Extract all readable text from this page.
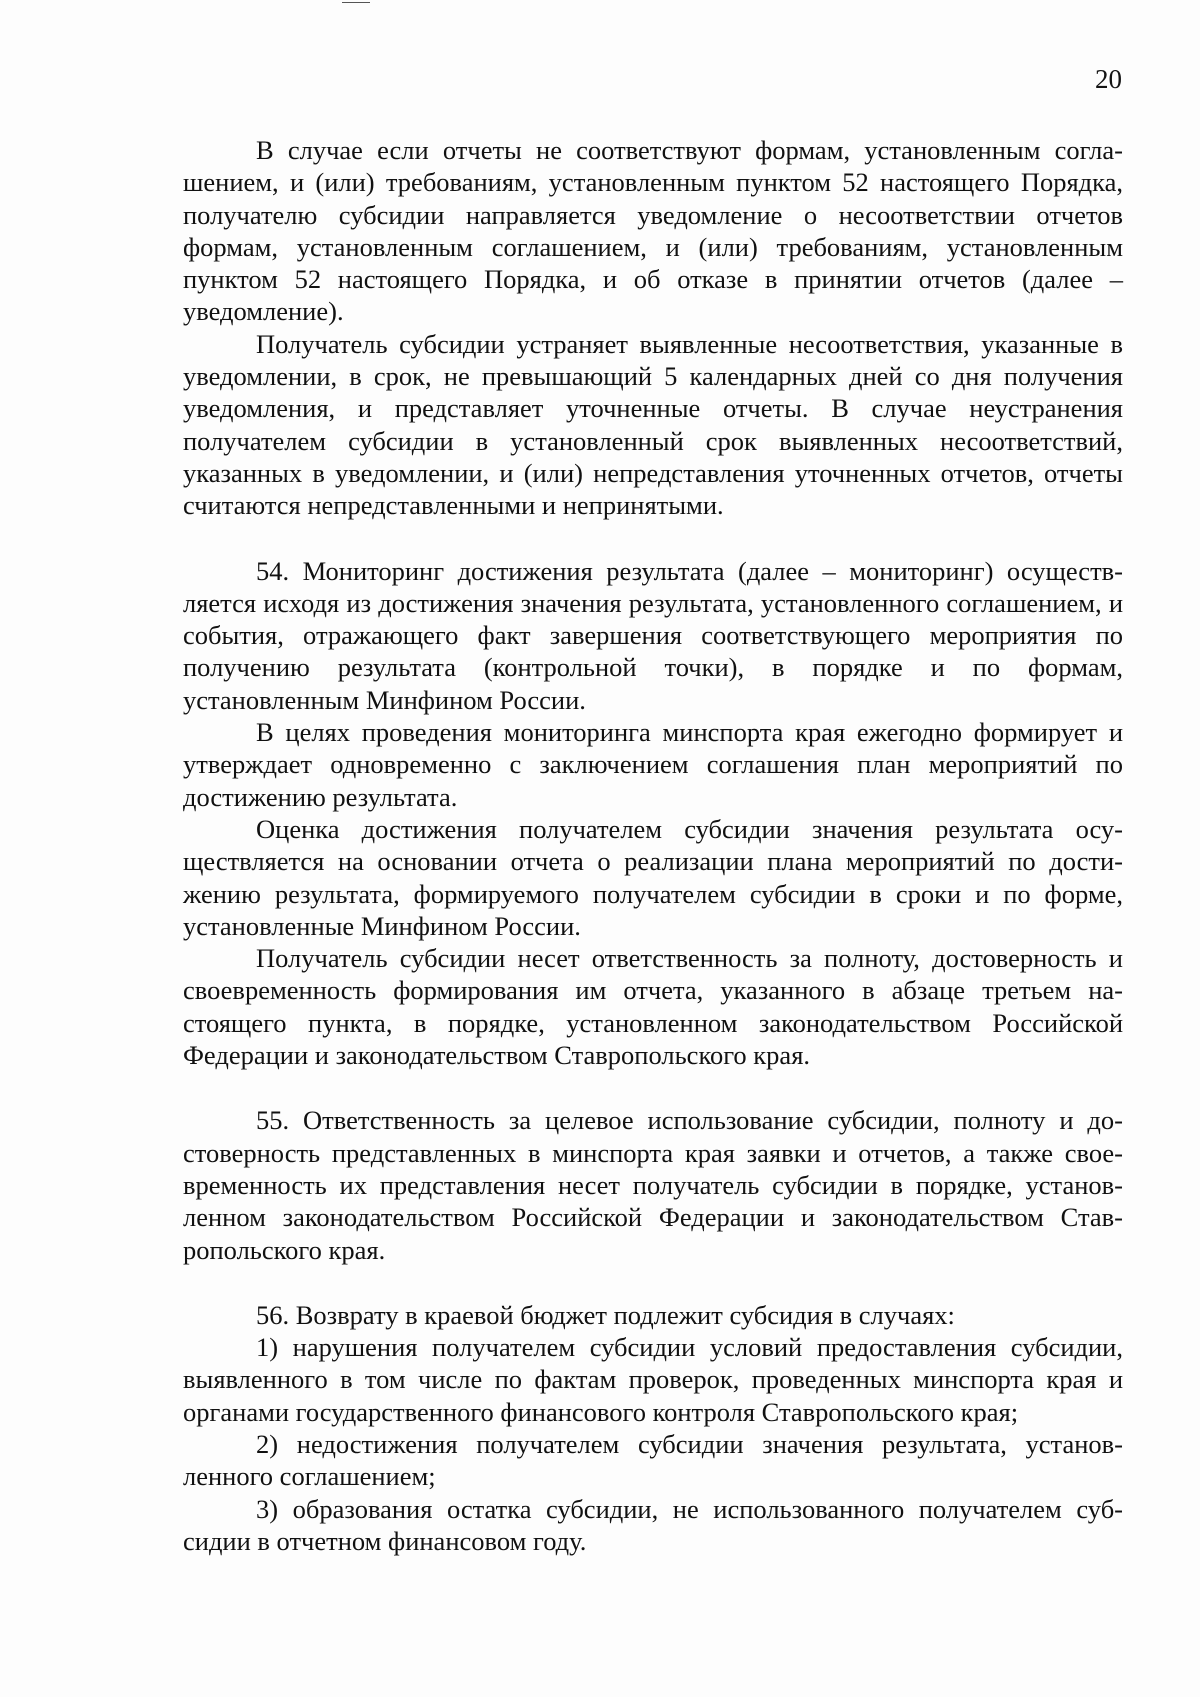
20

В случае если отчеты не соответствуют формам, установленным соглашением, и (или) требованиям, установленным пунктом 52 настоящего Порядка, получателю субсидии направляется уведомление о несоответствии отчетов формам, установленным соглашением, и (или) требованиям, установленным пунктом 52 настоящего Порядка, и об отказе в принятии отчетов (далее – уведомление).

Получатель субсидии устраняет выявленные несоответствия, указанные в уведомлении, в срок, не превышающий 5 календарных дней со дня получения уведомления, и представляет уточненные отчеты. В случае неустранения получателем субсидии в установленный срок выявленных несоответствий, указанных в уведомлении, и (или) непредставления уточненных отчетов, отчеты считаются непредставленными и непринятыми.

54. Мониторинг достижения результата (далее – мониторинг) осуществляется исходя из достижения значения результата, установленного соглашением, и события, отражающего факт завершения соответствующего мероприятия по получению результата (контрольной точки), в порядке и по формам, установленным Минфином России.

В целях проведения мониторинга минспорта края ежегодно формирует и утверждает одновременно с заключением соглашения план мероприятий по достижению результата.

Оценка достижения получателем субсидии значения результата осуществляется на основании отчета о реализации плана мероприятий по достижению результата, формируемого получателем субсидии в сроки и по форме, установленные Минфином России.

Получатель субсидии несет ответственность за полноту, достоверность и своевременность формирования им отчета, указанного в абзаце третьем настоящего пункта, в порядке, установленном законодательством Российской Федерации и законодательством Ставропольского края.

55. Ответственность за целевое использование субсидии, полноту и достоверность представленных в минспорта края заявки и отчетов, а также своевременность их представления несет получатель субсидии в порядке, установленном законодательством Российской Федерации и законодательством Ставропольского края.

56. Возврату в краевой бюджет подлежит субсидия в случаях:

1) нарушения получателем субсидии условий предоставления субсидии, выявленного в том числе по фактам проверок, проведенных минспорта края и органами государственного финансового контроля Ставропольского края;

2) недостижения получателем субсидии значения результата, установленного соглашением;

3) образования остатка субсидии, не использованного получателем субсидии в отчетном финансовом году.
